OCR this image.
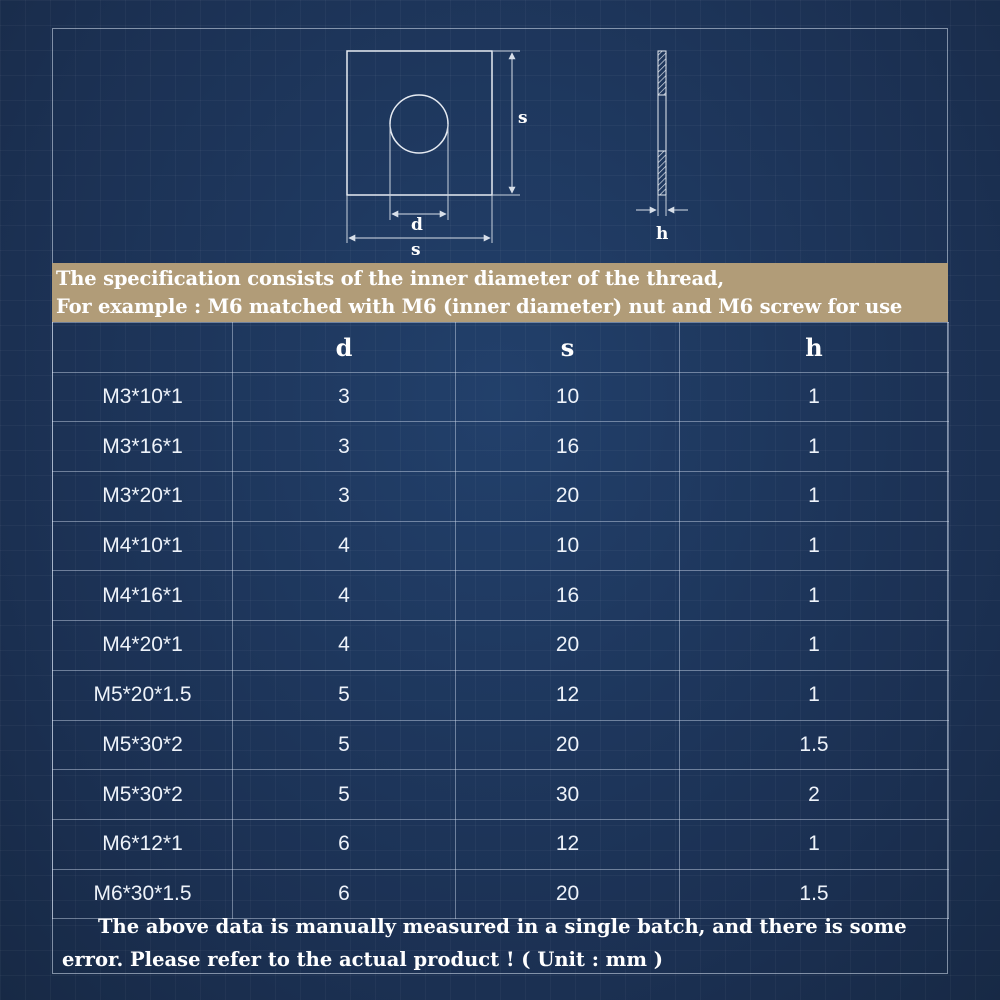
s
d
s
h
The specification consists of the inner diameter of the thread,
For example : M6 matched with M6 (inner diameter) nut and M6 screw for use
	d	s	h
M3*10*1	3	10	1
M3*16*1	3	16	1
M3*20*1	3	20	1
M4*10*1	4	10	1
M4*16*1	4	16	1
M4*20*1	4	20	1
M5*20*1.5	5	12	1
M5*30*2	5	20	1.5
M5*30*2	5	30	2
M6*12*1	6	12	1
M6*30*1.5	6	20	1.5
The above data is manually measured in a single batch, and there is some
error. Please refer to the actual product ! ( Unit : mm )
